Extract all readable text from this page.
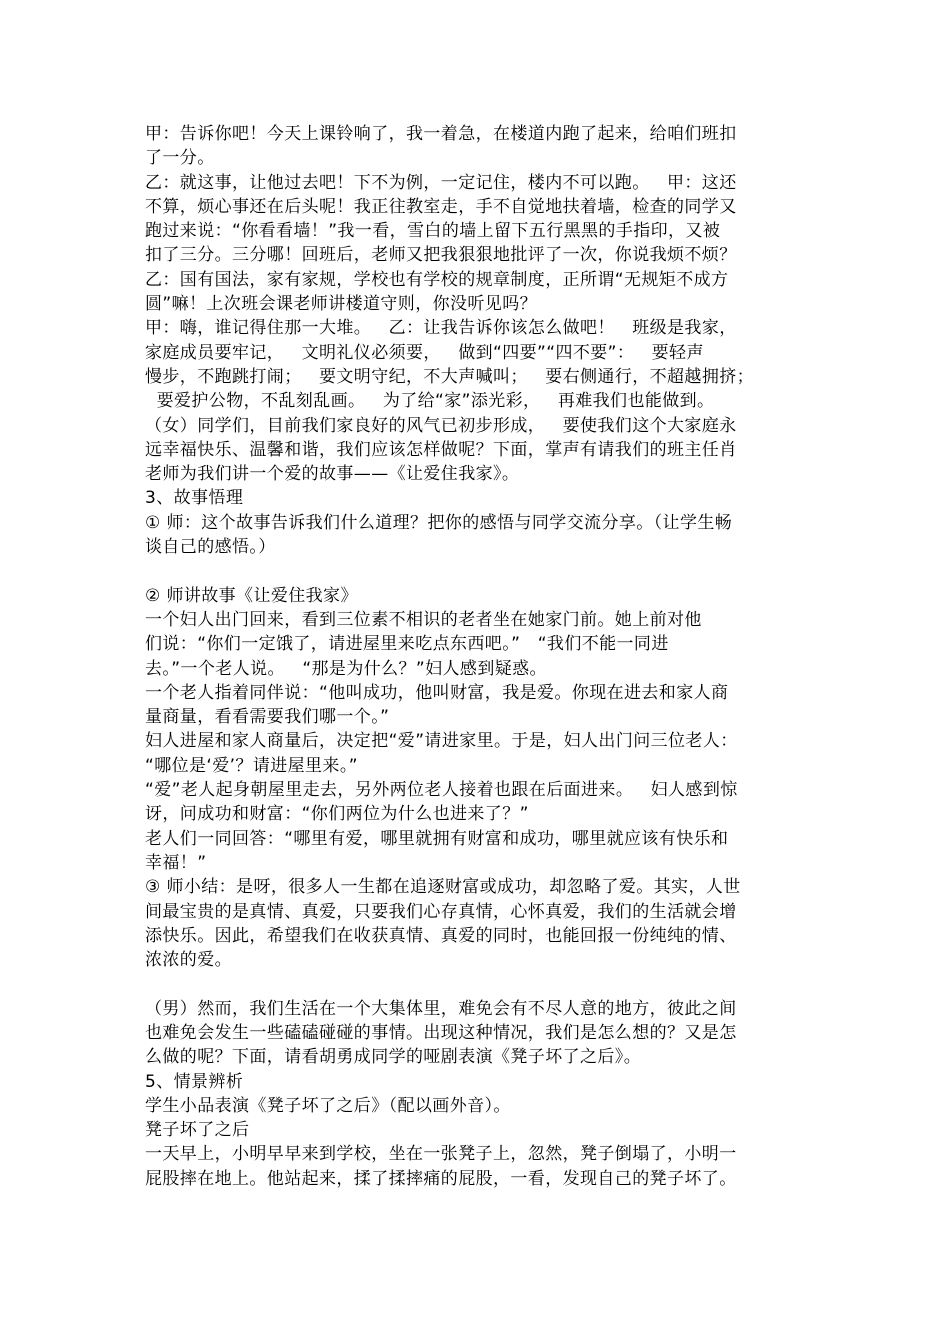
甲：告诉你吧！今天上课铃响了，我一着急，在楼道内跑了起来，给咱们班扣
了一分。
乙：就这事，让他过去吧！下不为例，一定记住，楼内不可以跑。   甲：这还
不算，烦心事还在后头呢！我正往教室走，手不自觉地扶着墙，检查的同学又
跑过来说：“你看看墙！”我一看，雪白的墙上留下五行黑黑的手指印，又被
扣了三分。三分哪！回班后，老师又把我狠狠地批评了一次，你说我烦不烦？
乙：国有国法，家有家规，学校也有学校的规章制度，正所谓“无规矩不成方
圆”嘛！上次班会课老师讲楼道守则，你没听见吗？
甲：嗨，谁记得住那一大堆。   乙：让我告诉你该怎么做吧！   班级是我家，
家庭成员要牢记，   文明礼仪必须要，   做到“四要”“四不要”：   要轻声
慢步，不跑跳打闹；   要文明守纪，不大声喊叫；   要右侧通行，不超越拥挤；
要爱护公物，不乱刻乱画。   为了给“家”添光彩，   再难我们也能做到。
（女）同学们，目前我们家良好的风气已初步形成，   要使我们这个大家庭永
远幸福快乐、温馨和谐，我们应该怎样做呢？下面，掌声有请我们的班主任肖
老师为我们讲一个爱的故事——《让爱住我家》。
3、故事悟理
① 师：这个故事告诉我们什么道理？把你的感悟与同学交流分享。（让学生畅
谈自己的感悟。）
② 师讲故事《让爱住我家》
一个妇人出门回来，看到三位素不相识的老者坐在她家门前。她上前对他
们说：“你们一定饿了，请进屋里来吃点东西吧。”   “我们不能一同进
去。”一个老人说。   “那是为什么？”妇人感到疑惑。
一个老人指着同伴说：“他叫成功，他叫财富，我是爱。你现在进去和家人商
量商量，看看需要我们哪一个。”
妇人进屋和家人商量后，决定把“爱”请进家里。于是，妇人出门问三位老人：
“哪位是‘爱’？请进屋里来。”
“爱”老人起身朝屋里走去，另外两位老人接着也跟在后面进来。   妇人感到惊
讶，问成功和财富：“你们两位为什么也进来了？”
老人们一同回答：“哪里有爱，哪里就拥有财富和成功，哪里就应该有快乐和
幸福！”
③ 师小结：是呀，很多人一生都在追逐财富或成功，却忽略了爱。其实，人世
间最宝贵的是真情、真爱，只要我们心存真情，心怀真爱，我们的生活就会增
添快乐。因此，希望我们在收获真情、真爱的同时，也能回报一份纯纯的情、
浓浓的爱。
（男）然而，我们生活在一个大集体里，难免会有不尽人意的地方，彼此之间
也难免会发生一些磕磕碰碰的事情。出现这种情况，我们是怎么想的？又是怎
么做的呢？下面，请看胡勇成同学的哑剧表演《凳子坏了之后》。
5、情景辨析
学生小品表演《凳子坏了之后》（配以画外音）。
凳子坏了之后
一天早上，小明早早来到学校，坐在一张凳子上，忽然，凳子倒塌了，小明一
屁股摔在地上。他站起来，揉了揉摔痛的屁股，一看，发现自己的凳子坏了。
